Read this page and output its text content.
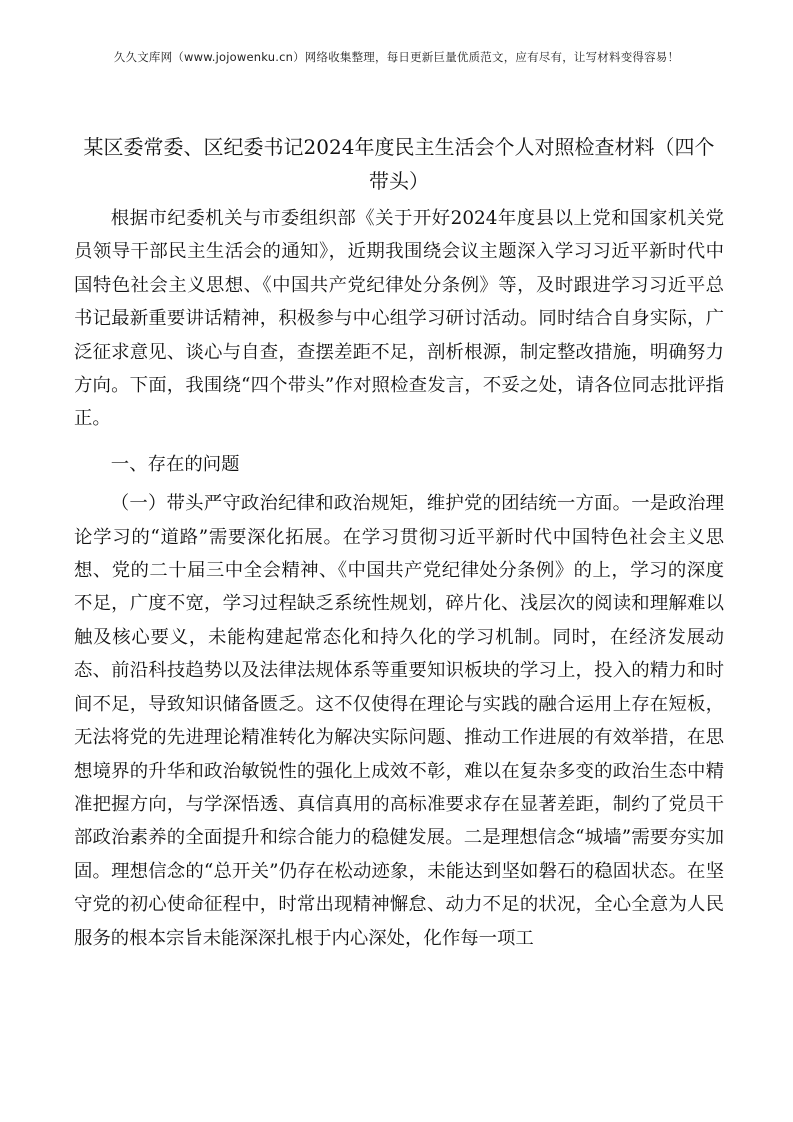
久久文库网（www.jojowenku.cn）网络收集整理，每日更新巨量优质范文，应有尽有，让写材料变得容易！
某区委常委、区纪委书记2024年度民主生活会个人对照检查材料（四个带头）

根据市纪委机关与市委组织部《关于开好2024年度县以上党和国家机关党员领导干部民主生活会的通知》，近期我围绕会议主题深入学习习近平新时代中国特色社会主义思想、《中国共产党纪律处分条例》等，及时跟进学习习近平总书记最新重要讲话精神，积极参与中心组学习研讨活动。同时结合自身实际，广泛征求意见、谈心与自查，查摆差距不足，剖析根源，制定整改措施，明确努力方向。下面，我围绕“四个带头”作对照检查发言，不妥之处，请各位同志批评指正。

一、存在的问题

（一）带头严守政治纪律和政治规矩，维护党的团结统一方面。一是政治理论学习的“道路”需要深化拓展。在学习贯彻习近平新时代中国特色社会主义思想、党的二十届三中全会精神、《中国共产党纪律处分条例》的上，学习的深度不足，广度不宽，学习过程缺乏系统性规划，碎片化、浅层次的阅读和理解难以触及核心要义，未能构建起常态化和持久化的学习机制。同时，在经济发展动态、前沿科技趋势以及法律法规体系等重要知识板块的学习上，投入的精力和时间不足，导致知识储备匮乏。这不仅使得在理论与实践的融合运用上存在短板，无法将党的先进理论精准转化为解决实际问题、推动工作进展的有效举措，在思想境界的升华和政治敏锐性的强化上成效不彰，难以在复杂多变的政治生态中精准把握方向，与学深悟透、真信真用的高标准要求存在显著差距，制约了党员干部政治素养的全面提升和综合能力的稳健发展。二是理想信念“城墙”需要夯实加固。理想信念的“总开关”仍存在松动迹象，未能达到坚如磐石的稳固状态。在坚守党的初心使命征程中，时常出现精神懈怠、动力不足的状况，全心全意为人民服务的根本宗旨未能深深扎根于内心深处，化作每一项工
